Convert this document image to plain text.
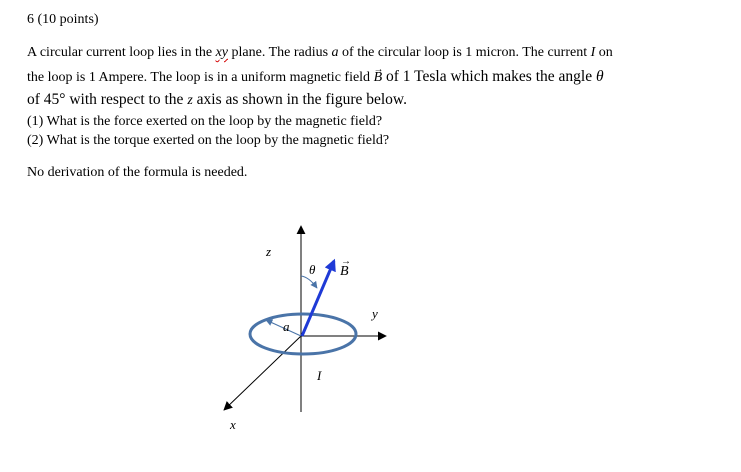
6 (10 points)
A circular current loop lies in the xy plane. The radius a of the circular loop is 1 micron. The current I on
the loop is 1 Ampere. The loop is in a uniform magnetic field → B of 1 Tesla which makes the angle θ
of 45° with respect to the z axis as shown in the figure below.
(1) What is the force exerted on the loop by the magnetic field?
(2) What is the torque exerted on the loop by the magnetic field?
No derivation of the formula is needed.
z
y
x
θ B
→
a
I
